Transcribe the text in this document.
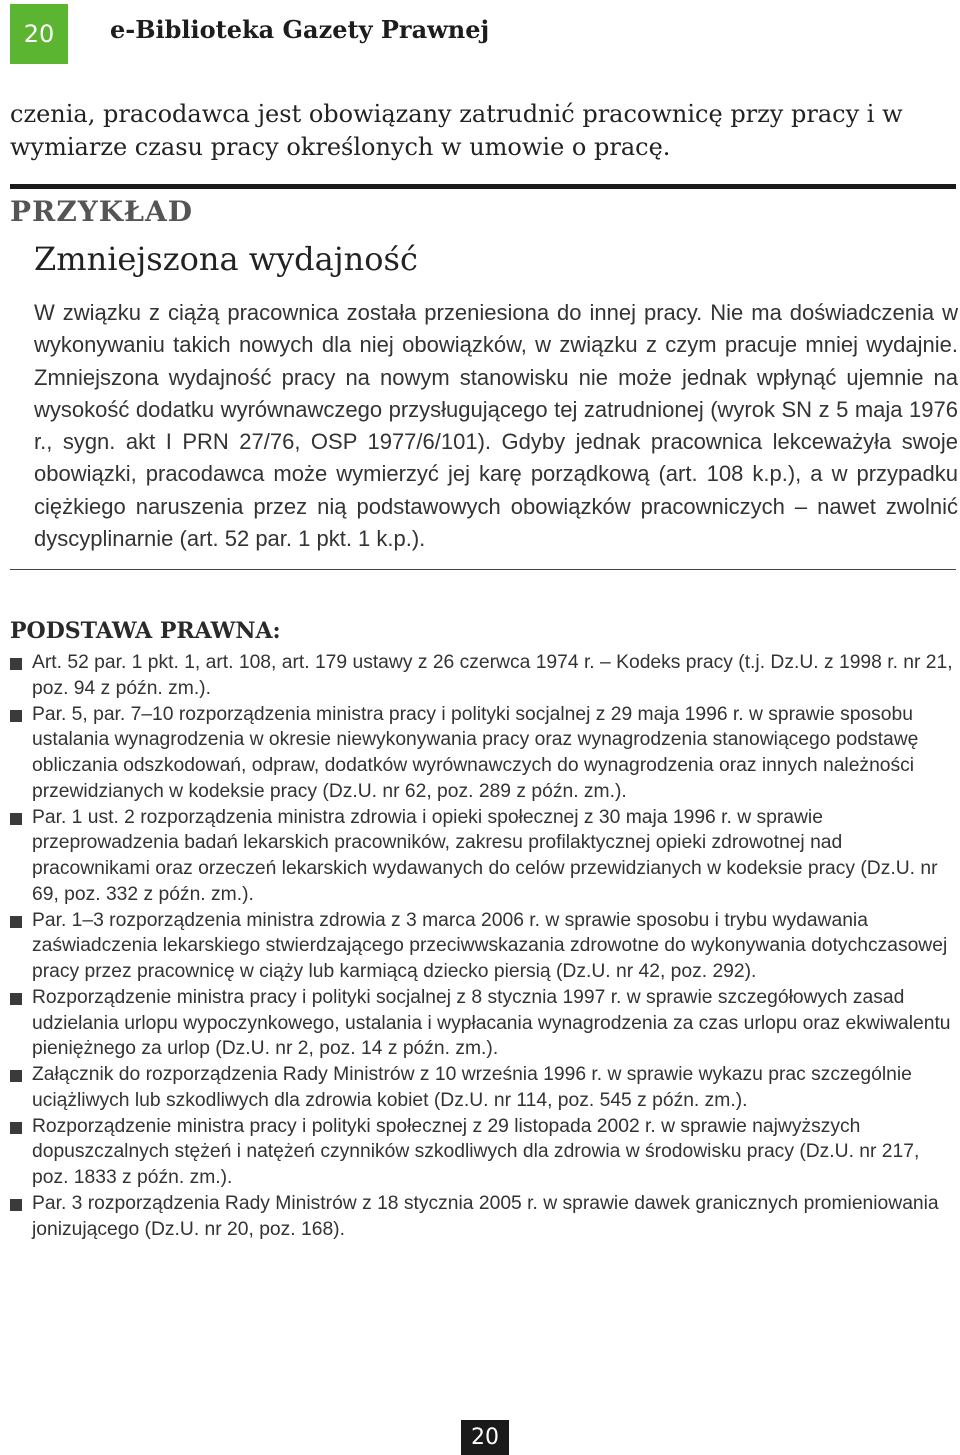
20	e-Biblioteka Gazety Prawnej

czenia, pracodawca jest obowiązany zatrudnić pracownicę przy pracy i w wymiarze czasu pracy określonych w umowie o pracę.

PRZYKŁAD
Zmniejszona wydajność

W związku z ciążą pracownica została przeniesiona do innej pracy. Nie ma doświadczenia w wykonywaniu takich nowych dla niej obowiązków, w związku z czym pracuje mniej wydajnie. Zmniejszona wydajność pracy na nowym stanowisku nie może jednak wpłynąć ujemnie na wysokość dodatku wyrównawczego przysługującego tej zatrudnionej (wyrok SN z 5 maja 1976 r., sygn. akt I PRN 27/76, OSP 1977/6/101). Gdyby jednak pracownica lekceważyła swoje obowiązki, pracodawca może wymierzyć jej karę porządkową (art. 108 k.p.), a w przypadku ciężkiego naruszenia przez nią podstawowych obowiązków pracowniczych – nawet zwolnić dyscyplinarnie (art. 52 par. 1 pkt. 1 k.p.).

PODSTAWA PRAWNA:
Art. 52 par. 1 pkt. 1, art. 108, art. 179 ustawy z 26 czerwca 1974 r. – Kodeks pracy (t.j. Dz.U. z 1998 r. nr 21, poz. 94 z późn. zm.).
Par. 5, par. 7–10 rozporządzenia ministra pracy i polityki socjalnej z 29 maja 1996 r. w sprawie sposobu ustalania wynagrodzenia w okresie niewykonywania pracy oraz wynagrodzenia stanowiącego podstawę obliczania odszkodowań, odpraw, dodatków wyrównawczych do wynagrodzenia oraz innych należności przewidzianych w kodeksie pracy (Dz.U. nr 62, poz. 289 z późn. zm.).
Par. 1 ust. 2 rozporządzenia ministra zdrowia i opieki społecznej z 30 maja 1996 r. w sprawie przeprowadzenia badań lekarskich pracowników, zakresu profilaktycznej opieki zdrowotnej nad pracownikami oraz orzeczeń lekarskich wydawanych do celów przewidzianych w kodeksie pracy (Dz.U. nr 69, poz. 332 z późn. zm.).
Par. 1–3 rozporządzenia ministra zdrowia z 3 marca 2006 r. w sprawie sposobu i trybu wydawania zaświadczenia lekarskiego stwierdzającego przeciwwskazania zdrowotne do wykonywania dotychczasowej pracy przez pracownicę w ciąży lub karmiącą dziecko piersią (Dz.U. nr 42, poz. 292).
Rozporządzenie ministra pracy i polityki socjalnej z 8 stycznia 1997 r. w sprawie szczegółowych zasad udzielania urlopu wypoczynkowego, ustalania i wypłacania wynagrodzenia za czas urlopu oraz ekwiwalentu pieniężnego za urlop (Dz.U. nr 2, poz. 14 z późn. zm.).
Załącznik do rozporządzenia Rady Ministrów z 10 września 1996 r. w sprawie wykazu prac szczególnie uciążliwych lub szkodliwych dla zdrowia kobiet (Dz.U. nr 114, poz. 545 z późn. zm.).
Rozporządzenie ministra pracy i polityki społecznej z 29 listopada 2002 r. w sprawie najwyższych dopuszczalnych stężeń i natężeń czynników szkodliwych dla zdrowia w środowisku pracy (Dz.U. nr 217, poz. 1833 z późn. zm.).
Par. 3 rozporządzenia Rady Ministrów z 18 stycznia 2005 r. w sprawie dawek granicznych promieniowania jonizującego (Dz.U. nr 20, poz. 168).
20
